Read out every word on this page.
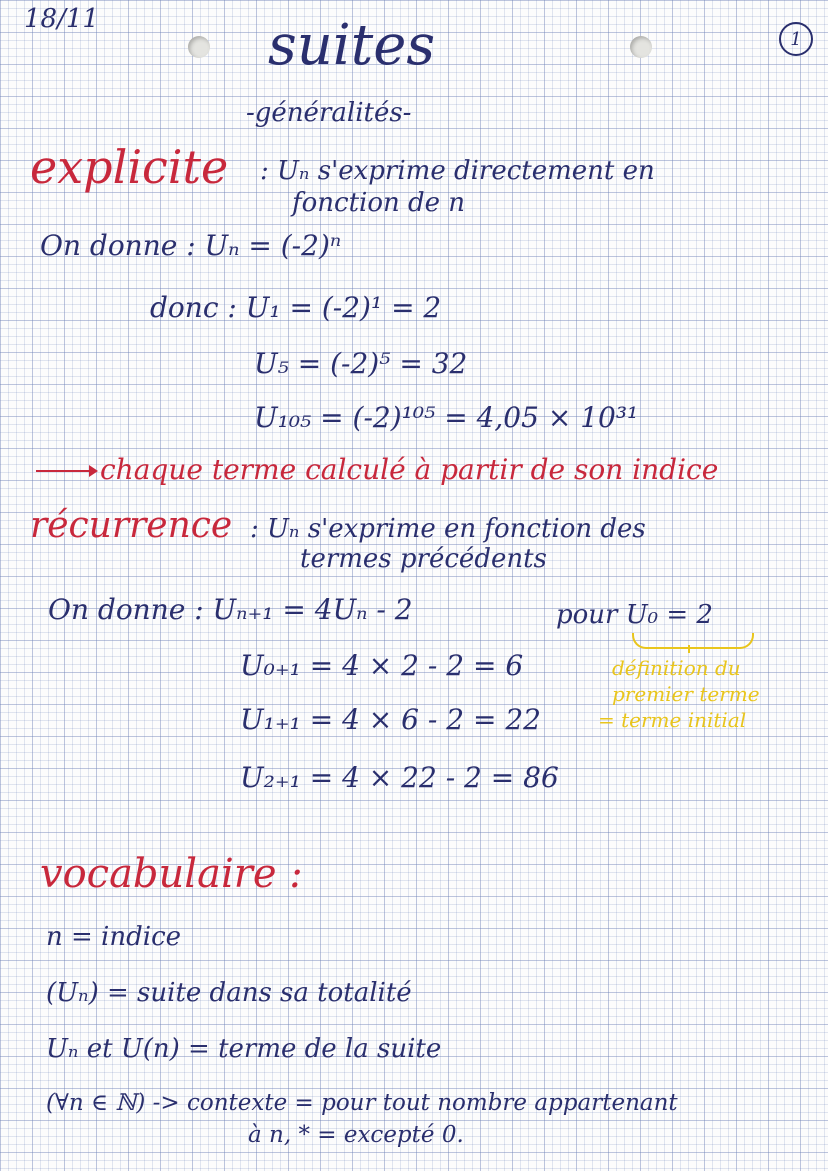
18/11	suites	1
-généralités-
explicite : Uₙ s'exprime directement en
fonction de n
On donne : Uₙ = (-2)ⁿ
donc : U₁ = (-2)¹ = 2
U₅ = (-2)⁵ = 32
U₁₀₅ = (-2)¹⁰⁵ = 4,05 × 10³¹
chaque terme calculé à partir de son indice
récurrence : Uₙ s'exprime en fonction des
termes précédents
On donne : Uₙ₊₁ = 4Uₙ - 2	pour U₀ = 2
U₀₊₁ = 4 × 2 - 2 = 6
U₁₊₁ = 4 × 6 - 2 = 22
U₂₊₁ = 4 × 22 - 2 = 86
définition du
premier terme
= terme initial
vocabulaire :
n = indice
(Uₙ) = suite dans sa totalité
Uₙ et U(n) = terme de la suite
(∀n ∈ ℕ) -> contexte = pour tout nombre appartenant
à n, * = excepté 0.
